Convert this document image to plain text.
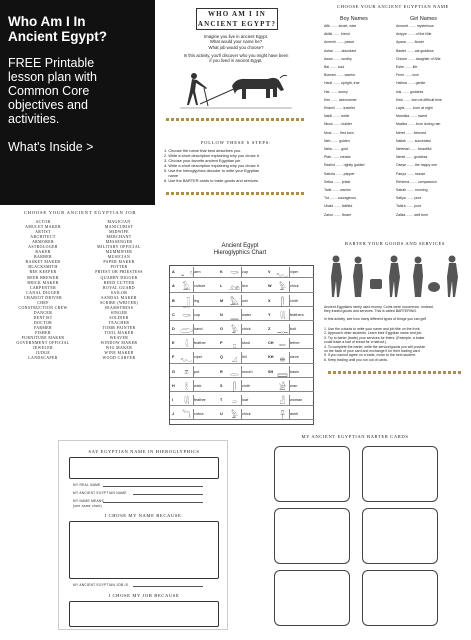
Who Am I In
Ancient Egypt?
FREE Printable
lesson plan with
Common Core
objectives and
activities.
What's Inside >
WHO AM I IN
ANCIENT EGYPT?
Imagine you live in ancient Egypt.
What would your name be?
What job would you choose?
In this activity, you'll discover who you might have been
if you lived in ancient Egypt.
FOLLOW THESE 6 STEPS:
1. Choose the name that best describes you.
2. Write a short description explaining why you chose it.
3. Choose your favorite ancient Egyptian job.
4. Write a short description explaining why you chose it.
5. Use the hieroglyphics decoder to write your Egyptian
name
6. Use the BARTER cards to trade goods and services.
CHOOSE YOUR ANCIENT EGYPTIAN NAME
Boy Names	Girl Names
Afik ....... smart, wise
Akiiki ....... friend
Amenhi ....... peace
Ashai ....... abundant
Awan ....... worthy
Bai ....... soul
Bomani ....... warrior
Hanif ....... upright, true
Har ....... sunny
Ken ....... astronomer
Khamil ....... traveler
Nabil ....... noble
Nkosi ....... builder
Mosi ....... first born
Neb ....... golden
Nebu ....... gold
Ptah ....... creator
Rashid ....... rightly guided
Sabola ....... pepper
Setka ....... priest
Tarik ....... warrior
Tut ....... courageous
Ubaid ....... faithful
Zahur ....... flower
Amunet ....... mysterious
Anippe ....... of the Nile
Ayana ....... flower
Bastet ....... cat goddess
Chione ....... daughter of Nile
Eshe ....... life
Femi ....... love
Halima ....... gentle
Isis ....... goddess
Kesi ....... born at difficult time
Layla ....... born at night
Mandisa ....... sweet
Masika ....... born during rain
Meret ....... beloved
Nailah ....... successful
Nefertari ....... beautiful
Nenet ....... goddess
Oseye ....... the happy one
Panya ....... mouse
Rehema ....... compassion
Sabah ....... morning
Safiya ....... pure
Tahira ....... pure
Zalika ....... well born
CHOOSE YOUR ANCIENT EGYPTIAN JOB
ACTOR
AMULET MAKER
ARTIST
ARCHITECT
ARMORER
ASTROLOGER
BAKER
BARBER
BASKET MAKER
BLACKSMITH
BEE KEEPER
BEER BREWER
BRICK MAKER
CARPENTER
CANAL DIGGER
CHARIOT DRIVER
CHEF
CONSTRUCTION CREW
DANCER
DENTIST
DOCTOR
FARMER
FISHER
FURNITURE MAKER
GOVERNMENT OFFICIAL
JEWELER
JUDGE
LANDSCAPER
MAGICIAN
MANICURIST
MIDWIFE
MERCHANT
MESSENGER
MILITARY OFFICIAL
MUMMIFIER
MUSICIAN
PAPER MAKER
POTTER
PRIEST OR PRIESTESS
QUARRY DIGGER
REED CUTTER
ROYAL GUARD
SAILOR
SANDAL MAKER
SCRIBE (WRITER)
SEAMSTRESS
SINGER
SOLDIER
TEACHER
TOMB PAINTER
TOOL MAKER
WEAVER
WINDOW MAKER
WIG MAKER
WINE MAKER
WOOD CARVER
Ancient Egypt
Hieroglyphics Chart
A 𓂝 arm	K 𓎡 cup	V 𓆑 viper
A 𓄿 vulture	L 𓃭 lion	W 𓅱	chick
B	𓃀	leg	M 𓅓 owl	X	𓋴	cloth
C 𓎡 cup	N 𓈖 water	Y	𓇌	feathers
D 𓂧 hand	O	𓅱	chick	Z 𓊃 bolt
E	𓇋	feather	P	𓊪	stool	CH 𓍿	tether
F 𓆑 viper	Q	𓈎	hill	KH 𓐍	sieve
G	𓎼	pot	R 𓂋 mouth	SH 𓈙 basin
H	𓎛	wick	S	𓋴	cloth	𓀀	man
I	𓇌	feather	T	𓏏	loaf	𓁐	woman
J	𓆓 cobra	U	𓅱	chick	𓋹	ankh
BARTER YOUR GOODS AND SERVICES
Ancient Egyptians rarely used money. Coins were uncommon. Instead,
they traded goods and services. This is called BARTERING.
In this activity, see how many different types of things you can get!
1. Use the cutouts to write your name and job title on the front.
2. Approach other students. Learn their Egyptian name and job.
3. Try to barter (trade) your services for theirs. (Example: a baker
could trade a loaf of bread for a haircut.)
4. To complete the barter, write the service/goods you will provide
on the back of your card and exchange it for their trading card.
5. If you cannot agree on a trade, move to the next student.
6. Keep trading until you run out of cards.
SAY EGYPTIAN NAME IN HIEROGLYPHICS
MY REAL NAME
MY ANCIENT EGYPTIAN NAME
MY NAME MEANS
(see name chart)
I CHOSE MY NAME BECAUSE:
MY ANCIENT EGYPTIAN JOB IS
I CHOSE MY JOB BECAUSE
MY ANCIENT EGYPTIAN BARTER CARDS
